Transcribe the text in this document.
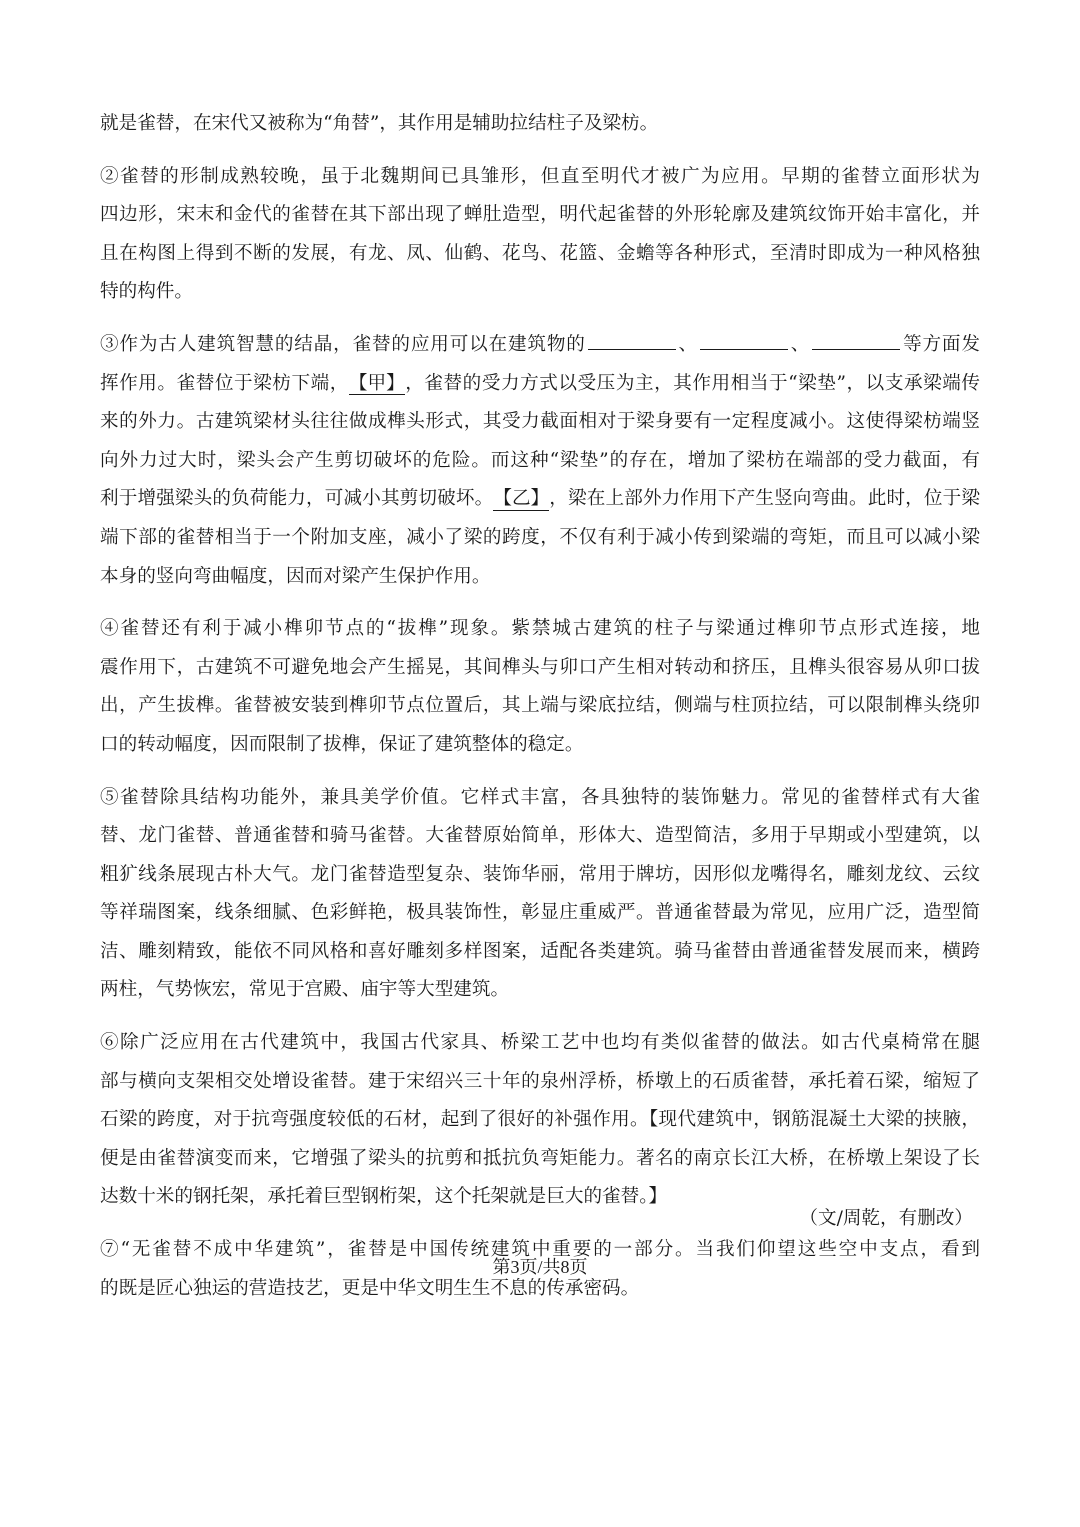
就是雀替，在宋代又被称为“角替”，其作用是辅助拉结柱子及梁枋。
②雀替的形制成熟较晚，虽于北魏期间已具雏形，但直至明代才被广为应用。早期的雀替立面形状为
四边形，宋末和金代的雀替在其下部出现了蝉肚造型，明代起雀替的外形轮廓及建筑纹饰开始丰富化，并
且在构图上得到不断的发展，有龙、凤、仙鹤、花鸟、花篮、金蟾等各种形式，至清时即成为一种风格独
特的构件。
③作为古人建筑智慧的结晶，雀替的应用可以在建筑物的	、	、	等方面发
挥作用。雀替位于梁枋下端，【甲】，雀替的受力方式以受压为主，其作用相当于“梁垫”，以支承梁端传
来的外力。古建筑梁材头往往做成榫头形式，其受力截面相对于梁身要有一定程度减小。这使得梁枋端竖
向外力过大时，梁头会产生剪切破坏的危险。而这种“梁垫”的存在，增加了梁枋在端部的受力截面，有
利于增强梁头的负荷能力，可减小其剪切破坏。【乙】，梁在上部外力作用下产生竖向弯曲。此时，位于梁
端下部的雀替相当于一个附加支座，减小了梁的跨度，不仅有利于减小传到梁端的弯矩，而且可以减小梁
本身的竖向弯曲幅度，因而对梁产生保护作用。
④雀替还有利于减小榫卯节点的“拔榫”现象。紫禁城古建筑的柱子与梁通过榫卯节点形式连接，地
震作用下，古建筑不可避免地会产生摇晃，其间榫头与卯口产生相对转动和挤压，且榫头很容易从卯口拔
出，产生拔榫。雀替被安装到榫卯节点位置后，其上端与梁底拉结，侧端与柱顶拉结，可以限制榫头绕卯
口的转动幅度，因而限制了拔榫，保证了建筑整体的稳定。
⑤雀替除具结构功能外，兼具美学价值。它样式丰富，各具独特的装饰魅力。常见的雀替样式有大雀
替、龙门雀替、普通雀替和骑马雀替。大雀替原始简单，形体大、造型简洁，多用于早期或小型建筑，以
粗犷线条展现古朴大气。龙门雀替造型复杂、装饰华丽，常用于牌坊，因形似龙嘴得名，雕刻龙纹、云纹
等祥瑞图案，线条细腻、色彩鲜艳，极具装饰性，彰显庄重威严。普通雀替最为常见，应用广泛，造型简
洁、雕刻精致，能依不同风格和喜好雕刻多样图案，适配各类建筑。骑马雀替由普通雀替发展而来，横跨
两柱，气势恢宏，常见于宫殿、庙宇等大型建筑。
⑥除广泛应用在古代建筑中，我国古代家具、桥梁工艺中也均有类似雀替的做法。如古代桌椅常在腿
部与横向支架相交处增设雀替。建于宋绍兴三十年的泉州浮桥，桥墩上的石质雀替，承托着石梁，缩短了
石梁的跨度，对于抗弯强度较低的石材，起到了很好的补强作用。【现代建筑中，钢筋混凝土大梁的挟腋，
便是由雀替演变而来，它增强了梁头的抗剪和抵抗负弯矩能力。著名的南京长江大桥，在桥墩上架设了长
达数十米的钢托架，承托着巨型钢桁架，这个托架就是巨大的雀替。】
⑦“无雀替不成中华建筑”，雀替是中国传统建筑中重要的一部分。当我们仰望这些空中支点，看到
的既是匠心独运的营造技艺，更是中华文明生生不息的传承密码。
（文/周乾，有删改）
第3页/共8页
